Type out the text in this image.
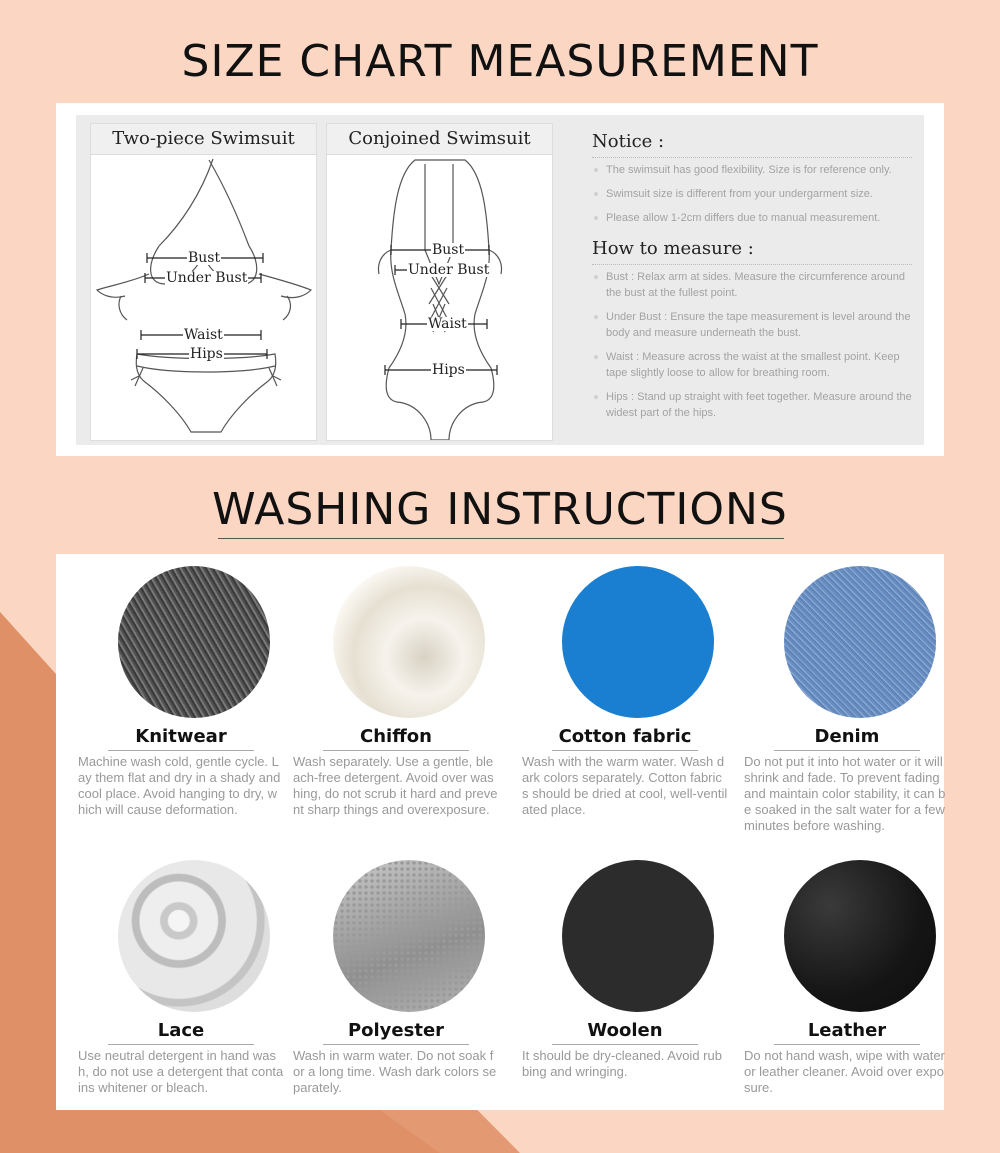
SIZE CHART MEASUREMENT
Two-piece Swimsuit
Bust
Under Bust
Waist
Hips
Conjoined Swimsuit
Bust
Under Bust
Waist
Hips
Notice :
The swimsuit has good flexibility. Size is for reference only.
Swimsuit size is different from your undergarment size.
Please allow 1-2cm differs due to manual measurement.
How to measure :
Bust : Relax arm at sides. Measure the circumference around the bust at the fullest point.
Under Bust : Ensure the tape measurement is level around the body and measure underneath the bust.
Waist : Measure across the waist at the smallest point. Keep tape slightly loose to allow for breathing room.
Hips : Stand up straight with feet together. Measure around the widest part of the hips.
WASHING INSTRUCTIONS
Knitwear
Machine wash cold, gentle cycle. Lay them flat and dry in a shady and cool place. Avoid hanging to dry, which will cause deformation.
Chiffon
Wash separately. Use a gentle, bleach-free detergent. Avoid over washing, do not scrub it hard and prevent sharp things and overexposure.
Cotton fabric
Wash with the warm water. Wash dark colors separately. Cotton fabrics should be dried at cool, well-ventilated place.
Denim
Do not put it into hot water or it will shrink and fade. To prevent fading and maintain color stability, it can be soaked in the salt water for a few minutes before washing.
Lace
Use neutral detergent in hand wash, do not use a detergent that contains whitener or bleach.
Polyester
Wash in warm water. Do not soak for a long time. Wash dark colors separately.
Woolen
It should be dry-cleaned. Avoid rubbing and wringing.
Leather
Do not hand wash, wipe with water or leather cleaner. Avoid over exposure.
